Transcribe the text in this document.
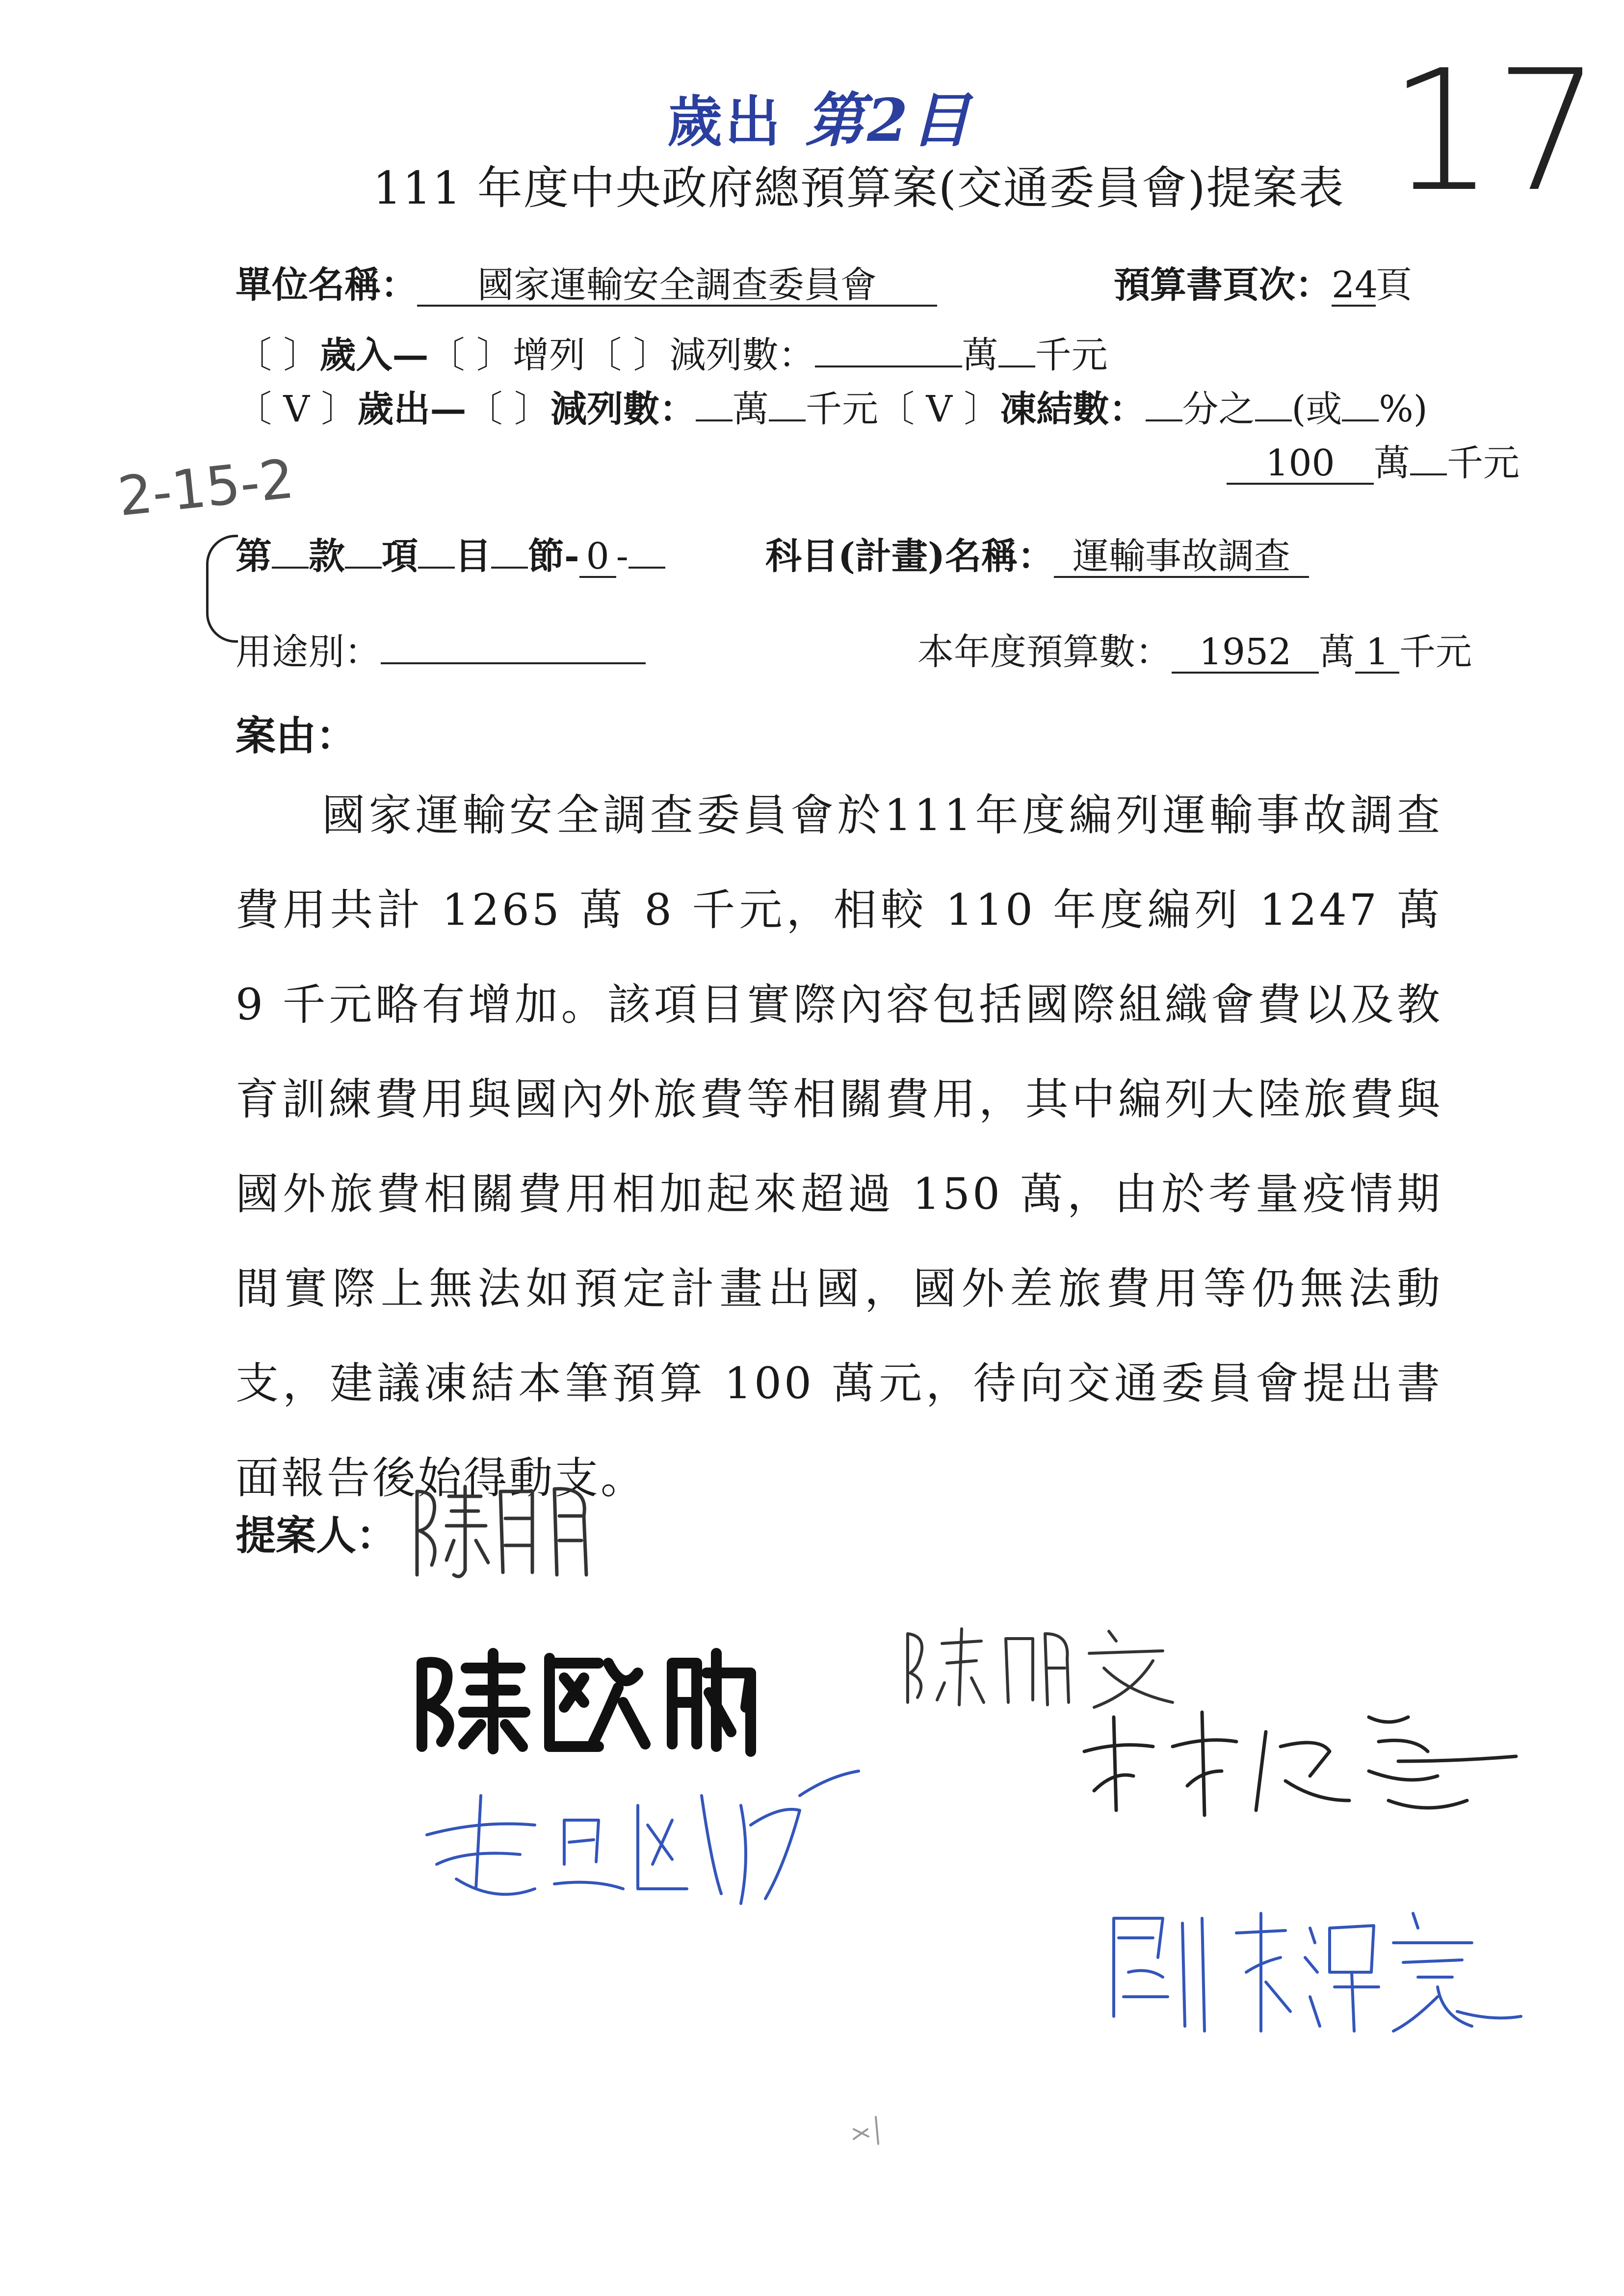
歲出 第2目 17
111 年度中央政府總預算案(交通委員會)提案表
2-15-2
單位名稱： 國家運輸安全調查委員會	預算書頁次：24頁
〔 〕歲入—〔 〕增列〔 〕減列數：	萬 千元
〔 V 〕歲出—〔 〕減列數： 萬 千元〔 V 〕凍結數： 分之 (或 %)
100 萬 千元
第 款 項 目 節- 0 -	科目(計畫)名稱： 運輸事故調查
用途別：	本年度預算數： 1952 萬 1 千元
案由：
國家運輸安全調查委員會於111年度編列運輸事故調查費用共計 1265 萬 8 千元，相較 110 年度編列 1247 萬 9 千元略有增加。該項目實際內容包括國際組織會費以及教育訓練費用與國內外旅費等相關費用，其中編列大陸旅費與國外旅費相關費用相加起來超過 150 萬，由於考量疫情期間實際上無法如預定計畫出國，國外差旅費用等仍無法動支，建議凍結本筆預算 100 萬元，待向交通委員會提出書面報告後始得動支。
提案人：
